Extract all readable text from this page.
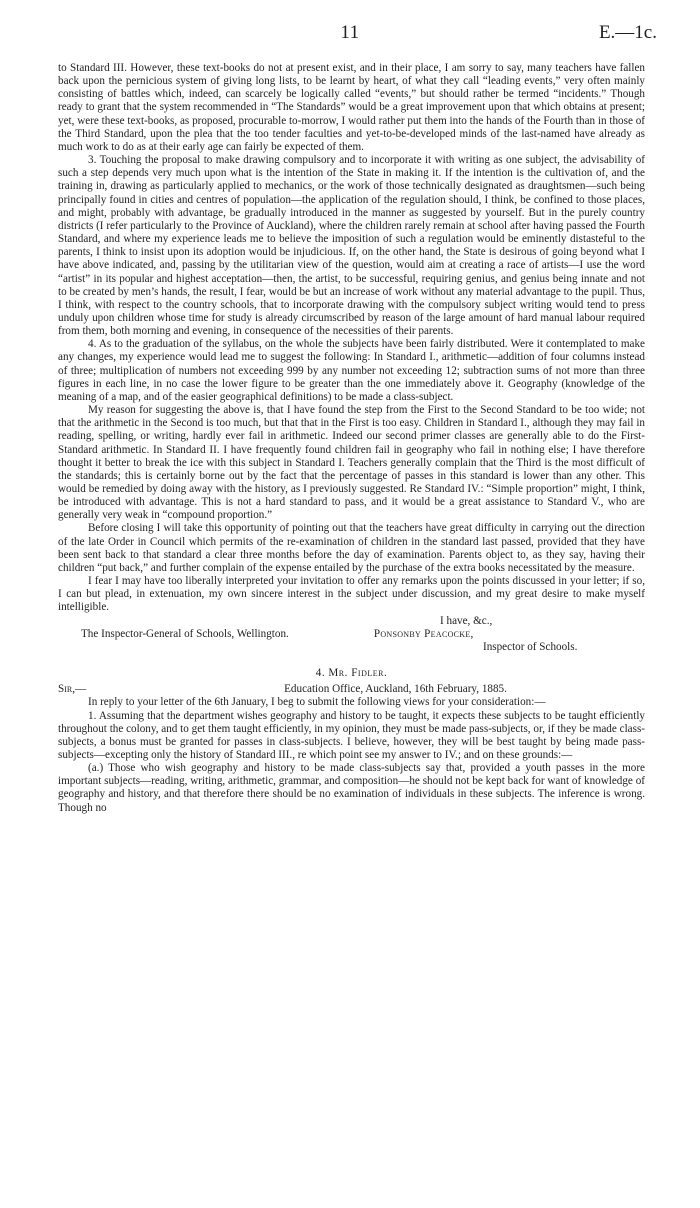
11	E.—1c.

to Standard III. However, these text-books do not at present exist, and in their place, I am sorry to say, many teachers have fallen back upon the pernicious system of giving long lists, to be learnt by heart, of what they call “leading events,” very often mainly consisting of battles which, indeed, can scarcely be logically called “events,” but should rather be termed “incidents.” Though ready to grant that the system recommended in “The Standards” would be a great improvement upon that which obtains at present; yet, were these text-books, as proposed, procurable to-morrow, I would rather put them into the hands of the Fourth than in those of the Third Standard, upon the plea that the too tender faculties and yet-to-be-developed minds of the last-named have already as much work to do as at their early age can fairly be expected of them.

3. Touching the proposal to make drawing compulsory and to incorporate it with writing as one subject, the advisability of such a step depends very much upon what is the intention of the State in making it. If the intention is the cultivation of, and the training in, drawing as particularly applied to mechanics, or the work of those technically designated as draughtsmen—such being principally found in cities and centres of population—the application of the regulation should, I think, be confined to those places, and might, probably with advantage, be gradually introduced in the manner as suggested by yourself. But in the purely country districts (I refer particularly to the Province of Auckland), where the children rarely remain at school after having passed the Fourth Standard, and where my experience leads me to believe the imposition of such a regulation would be eminently distasteful to the parents, I think to insist upon its adoption would be injudicious. If, on the other hand, the State is desirous of going beyond what I have above indicated, and, passing by the utilitarian view of the question, would aim at creating a race of artists—I use the word “artist” in its popular and highest acceptation—then, the artist, to be successful, requiring genius, and genius being innate and not to be created by men’s hands, the result, I fear, would be but an increase of work without any material advantage to the pupil. Thus, I think, with respect to the country schools, that to incorporate drawing with the compulsory subject writing would tend to press unduly upon children whose time for study is already circumscribed by reason of the large amount of hard manual labour required from them, both morning and evening, in consequence of the necessities of their parents.

4. As to the graduation of the syllabus, on the whole the subjects have been fairly distributed. Were it contemplated to make any changes, my experience would lead me to suggest the following: In Standard I., arithmetic—addition of four columns instead of three; multiplication of numbers not exceeding 999 by any number not exceeding 12; subtraction sums of not more than three figures in each line, in no case the lower figure to be greater than the one immediately above it. Geography (knowledge of the meaning of a map, and of the easier geographical definitions) to be made a class-subject.

My reason for suggesting the above is, that I have found the step from the First to the Second Standard to be too wide; not that the arithmetic in the Second is too much, but that that in the First is too easy. Children in Standard I., although they may fail in reading, spelling, or writing, hardly ever fail in arithmetic. Indeed our second primer classes are generally able to do the First-Standard arithmetic. In Standard II. I have frequently found children fail in geography who fail in nothing else; I have therefore thought it better to break the ice with this subject in Standard I. Teachers generally complain that the Third is the most difficult of the standards; this is certainly borne out by the fact that the percentage of passes in this standard is lower than any other. This would be remedied by doing away with the history, as I previously suggested. Re Standard IV.: “Simple proportion” might, I think, be introduced with advantage. This is not a hard standard to pass, and it would be a great assistance to Standard V., who are generally very weak in “compound proportion.”

Before closing I will take this opportunity of pointing out that the teachers have great difficulty in carrying out the direction of the late Order in Council which permits of the re-examination of children in the standard last passed, provided that they have been sent back to that standard a clear three months before the day of examination. Parents object to, as they say, having their children “put back,” and further complain of the expense entailed by the purchase of the extra books necessitated by the measure.

I fear I may have too liberally interpreted your invitation to offer any remarks upon the points discussed in your letter; if so, I can but plead, in extenuation, my own sincere interest in the subject under discussion, and my great desire to make myself intelligible.

I have, &c.,
The Inspector-General of Schools, Wellington.	Ponsonby Peacocke,
Inspector of Schools.
4. Mr. Fidler.
Sir,—	Education Office, Auckland, 16th February, 1885.

In reply to your letter of the 6th January, I beg to submit the following views for your consideration:—

1. Assuming that the department wishes geography and history to be taught, it expects these subjects to be taught efficiently throughout the colony, and to get them taught efficiently, in my opinion, they must be made pass-subjects, or, if they be made class-subjects, a bonus must be granted for passes in class-subjects. I believe, however, they will be best taught by being made pass-subjects—excepting only the history of Standard III., re which point see my answer to IV.; and on these grounds:—

(a.) Those who wish geography and history to be made class-subjects say that, provided a youth passes in the more important subjects—reading, writing, arithmetic, grammar, and composition—he should not be kept back for want of knowledge of geography and history, and that therefore there should be no examination of individuals in these subjects. The inference is wrong. Though no
